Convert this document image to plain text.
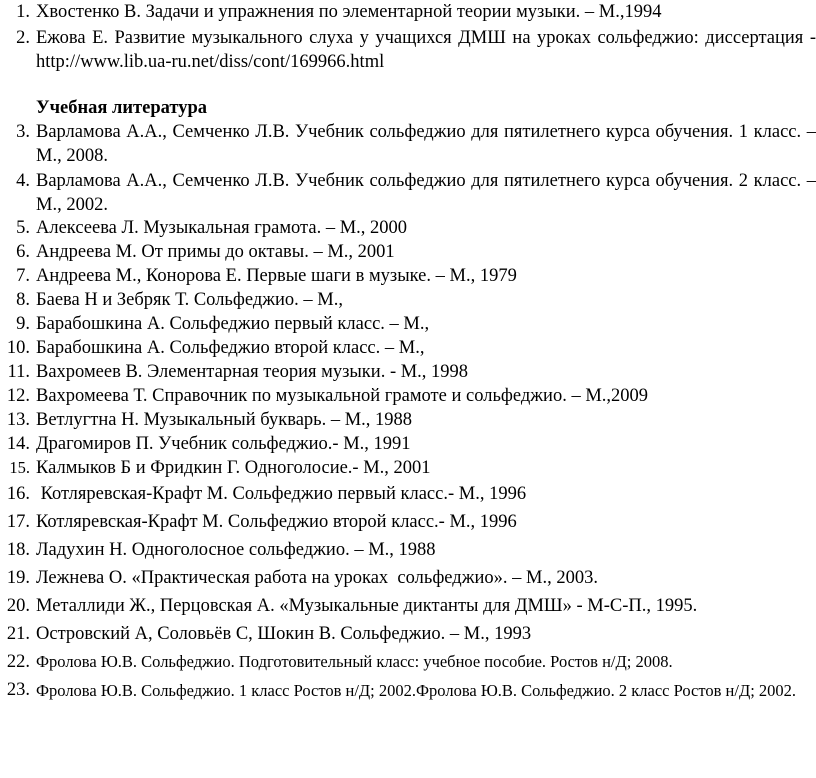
1. Хвостенко В. Задачи и упражнения по элементарной теории музыки. – М.,1994
2. Ежова Е. Развитие музыкального слуха у учащихся ДМШ на уроках сольфеджио: диссертация - http://www.lib.ua-ru.net/diss/cont/169966.html
Учебная литература
3. Варламова А.А., Семченко Л.В. Учебник сольфеджио для пятилетнего курса обучения. 1 класс. – М., 2008.
4. Варламова А.А., Семченко Л.В. Учебник сольфеджио для пятилетнего курса обучения. 2 класс. – М., 2002.
5. Алексеева Л. Музыкальная грамота. – М., 2000
6. Андреева М. От примы до октавы. – М., 2001
7. Андреева М., Конорова Е. Первые шаги в музыке. – М., 1979
8. Баева Н и Зебряк Т. Сольфеджио. – М.,
9. Барабошкина А. Сольфеджио первый класс. – М.,
10. Барабошкина А. Сольфеджио второй класс. – М.,
11. Вахромеев В. Элементарная теория музыки. - М., 1998
12. Вахромеева Т. Справочник по музыкальной грамоте и сольфеджио. – М.,2009
13. Ветлугтна Н. Музыкальный букварь. – М., 1988
14. Драгомиров П. Учебник сольфеджио.- М., 1991
15. Калмыков Б и Фридкин Г. Одноголосие.- М., 2001
16. Котляревская-Крафт М. Сольфеджио первый класс.- М., 1996
17. Котляревская-Крафт М. Сольфеджио второй класс.- М., 1996
18. Ладухин Н. Одноголосное сольфеджио. – М., 1988
19. Лежнева О. «Практическая работа на уроках  сольфеджио». – М., 2003.
20. Металлиди Ж., Перцовская А. «Музыкальные диктанты для ДМШ» - М-С-П., 1995.
21. Островский А, Соловьёв С, Шокин В. Сольфеджио. – М., 1993
22. Фролова Ю.В. Сольфеджио. Подготовительный класс: учебное пособие. Ростов н/Д; 2008.
23. Фролова Ю.В. Сольфеджио. 1 класс Ростов н/Д; 2002.Фролова Ю.В. Сольфеджио. 2 класс Ростов н/Д; 2002.
